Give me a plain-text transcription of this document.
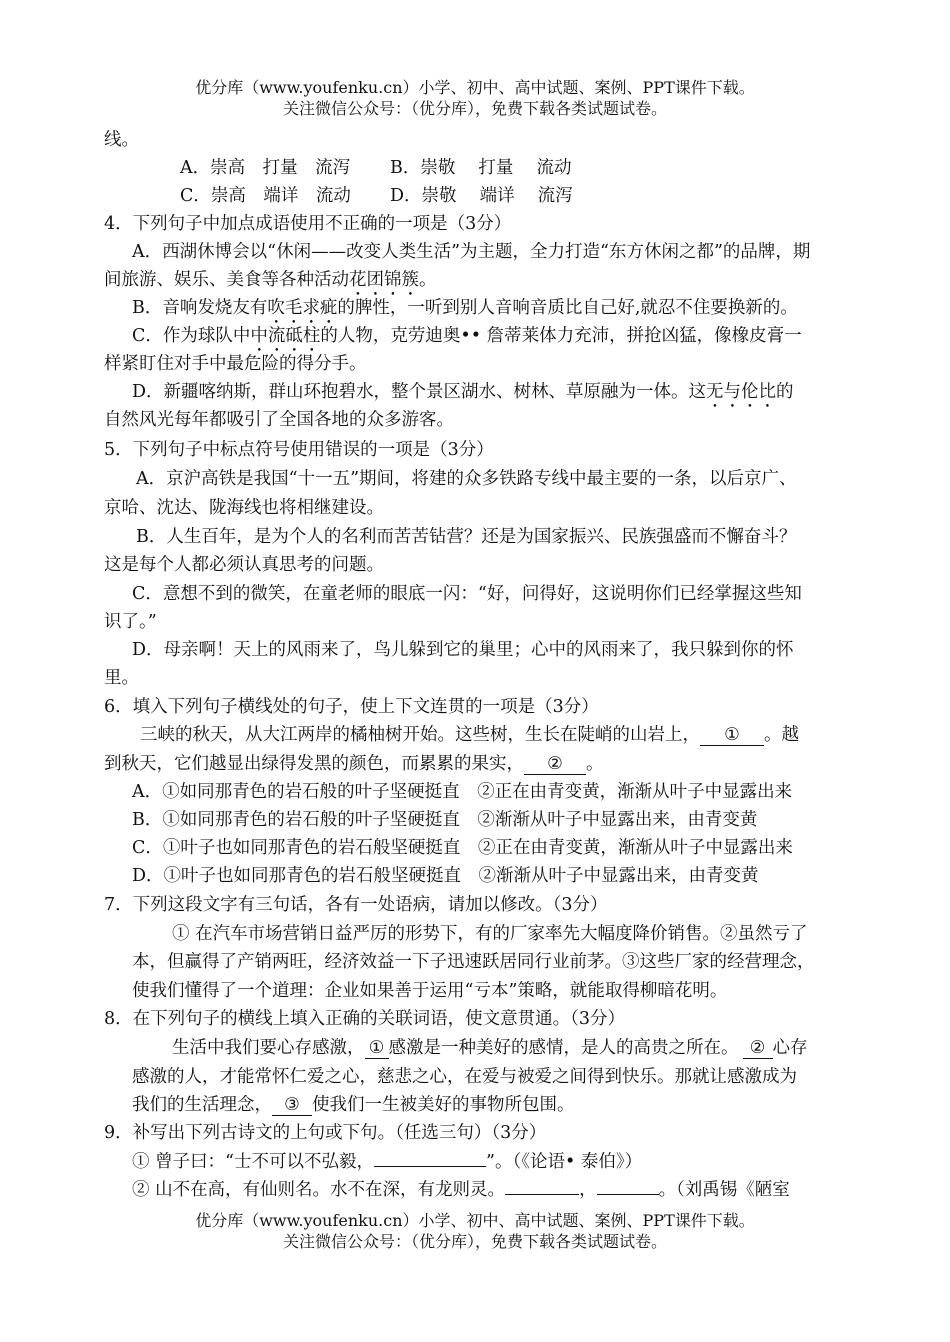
优分库（www.youfenku.cn）小学、初中、高中试题、案例、PPT课件下载。
关注微信公众号：（优分库），免费下载各类试题试卷。
线。
A．崇高　打量　流泻 B．崇敬　 打量　 流动
C．崇高　端详　流动 D．崇敬　 端详　 流泻
4．下列句子中加点成语使用不正确的一项是（3分）
A．西湖休博会以“休闲——改变人类生活”为主题，全力打造“东方休闲之都”的品牌，期
间旅游、娱乐、美食等各种活动花团锦簇。
B．音响发烧友有吹毛求疵的脾性，一听到别人音响音质比自己好,就忍不住要换新的。
C．作为球队中中流砥柱的人物，克劳迪奥•• 詹蒂莱体力充沛，拼抢凶猛，像橡皮膏一
样紧盯住对手中最危险的得分手。
D．新疆喀纳斯，群山环抱碧水，整个景区湖水、树林、草原融为一体。这无与伦比的
自然风光每年都吸引了全国各地的众多游客。
5．下列句子中标点符号使用错误的一项是（3分）
A．京沪高铁是我国“十一五”期间，将建的众多铁路专线中最主要的一条，以后京广、
京哈、沈达、陇海线也将相继建设。
B．人生百年，是为个人的名利而苦苦钻营？还是为国家振兴、民族强盛而不懈奋斗？
这是每个人都必须认真思考的问题。
C．意想不到的微笑，在童老师的眼底一闪：“好，问得好，这说明你们已经掌握这些知
识了。”
D．母亲啊！天上的风雨来了，鸟儿躲到它的巢里；心中的风雨来了，我只躲到你的怀
里。
6．填入下列句子横线处的句子，使上下文连贯的一项是（3分）
三峡的秋天，从大江两岸的橘柚树开始。这些树，生长在陡峭的山岩上， ① 。越
到秋天，它们越显出绿得发黑的颜色，而累累的果实， ② 。
A．①如同那青色的岩石般的叶子坚硬挺直　②正在由青变黄，渐渐从叶子中显露出来
B．①如同那青色的岩石般的叶子坚硬挺直　②渐渐从叶子中显露出来，由青变黄
C．①叶子也如同那青色的岩石般坚硬挺直　②正在由青变黄，渐渐从叶子中显露出来
D．①叶子也如同那青色的岩石般坚硬挺直　②渐渐从叶子中显露出来，由青变黄
7．下列这段文字有三句话，各有一处语病，请加以修改。（3分）
① 在汽车市场营销日益严厉的形势下，有的厂家率先大幅度降价销售。②虽然亏了
本，但赢得了产销两旺，经济效益一下子迅速跃居同行业前茅。③这些厂家的经营理念，
使我们懂得了一个道理：企业如果善于运用“亏本”策略，就能取得柳暗花明。
8．在下列句子的横线上填入正确的关联词语，使文意贯通。（3分）
生活中我们要心存感激， ① 感激是一种美好的感情，是人的高贵之所在。 ② 心存
感激的人，才能常怀仁爱之心，慈悲之心，在爱与被爱之间得到快乐。那就让感激成为
我们的生活理念， ③ 使我们一生被美好的事物所包围。
9．补写出下列古诗文的上句或下句。（任选三句）（3分）
① 曾子曰：“士不可以不弘毅，	”。（《论语• 泰伯》）
② 山不在高，有仙则名。水不在深，有龙则灵。	，	。（刘禹锡《陋室
优分库（www.youfenku.cn）小学、初中、高中试题、案例、PPT课件下载。
关注微信公众号：（优分库），免费下载各类试题试卷。
